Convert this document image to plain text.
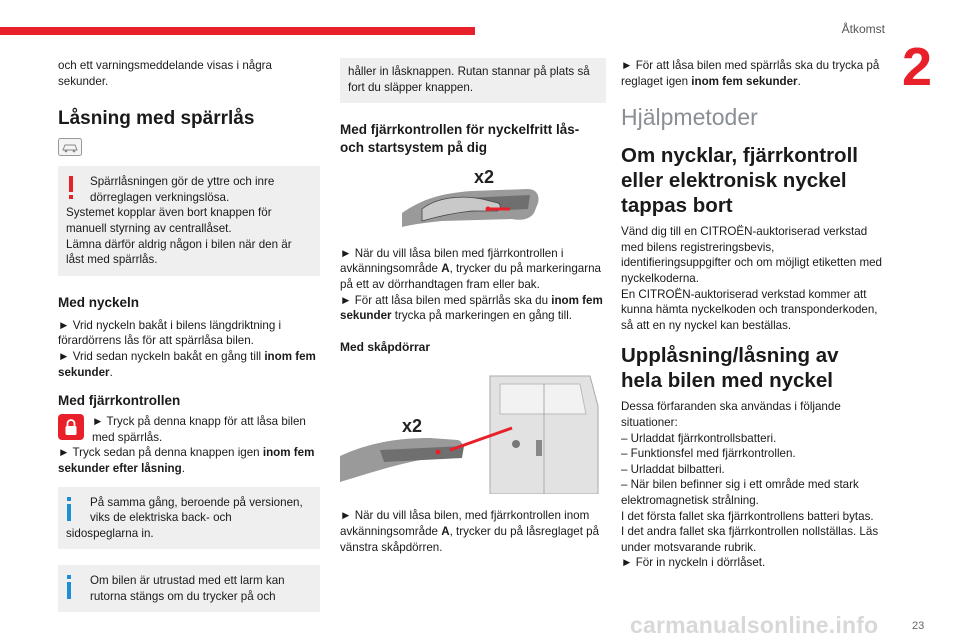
Åtkomst
2

och ett varningsmeddelande visas i några sekunder.

Låsning med spärrlås
Spärrlåsningen gör de yttre och inre
dörreglagen verkningslösa.

Systemet kopplar även bort knappen för manuell styrning av centrallåset.

Lämna därför aldrig någon i bilen när den är låst med spärrlås.

Med nyckeln

► Vrid nyckeln bakåt i bilens längdriktning i förardörrens lås för att spärrlåsa bilen.

► Vrid sedan nyckeln bakåt en gång till inom fem sekunder.

Med fjärrkontrollen

► Tryck på denna knapp för att låsa bilen med spärrlås.

► Tryck sedan på denna knappen igen inom fem sekunder efter låsning.

På samma gång, beroende på versionen,
viks de elektriska back- och

sidospeglarna in.

Om bilen är utrustad med ett larm kan
rutorna stängs om du trycker på och

håller in låsknappen. Rutan stannar på plats så fort du släpper knappen.

Med fjärrkontrollen för nyckelfritt lås- och startsystem på dig
x2

► När du vill låsa bilen med fjärrkontrollen i avkänningsområde A, trycker du på markeringarna på ett av dörrhandtagen fram eller bak.

► För att låsa bilen med spärrlås ska du inom fem sekunder trycka på markeringen en gång till.

Med skåpdörrar
x2

► När du vill låsa bilen, med fjärrkontrollen inom avkänningsområde A, trycker du på låsreglaget på vänstra skåpdörren.

► För att låsa bilen med spärrlås ska du trycka på reglaget igen inom fem sekunder.

Hjälpmetoder
Om nycklar, fjärrkontroll eller elektronisk nyckel tappas bort

Vänd dig till en CITROËN-auktoriserad verkstad med bilens registreringsbevis, identifieringsuppgifter och om möjligt etiketten med nyckelkoderna.

En CITROËN-auktoriserad verkstad kommer att kunna hämta nyckelkoden och transponderkoden, så att en ny nyckel kan beställas.

Upplåsning/låsning av hela bilen med nyckel

Dessa förfaranden ska användas i följande situationer:

– Urladdat fjärrkontrollsbatteri.

– Funktionsfel med fjärrkontrollen.

– Urladdat bilbatteri.

– När bilen befinner sig i ett område med stark elektromagnetisk strålning.

I det första fallet ska fjärrkontrollens batteri bytas.

I det andra fallet ska fjärrkontrollen nollställas. Läs under motsvarande rubrik.

► För in nyckeln i dörrlåset.

carmanualsonline.info	23
